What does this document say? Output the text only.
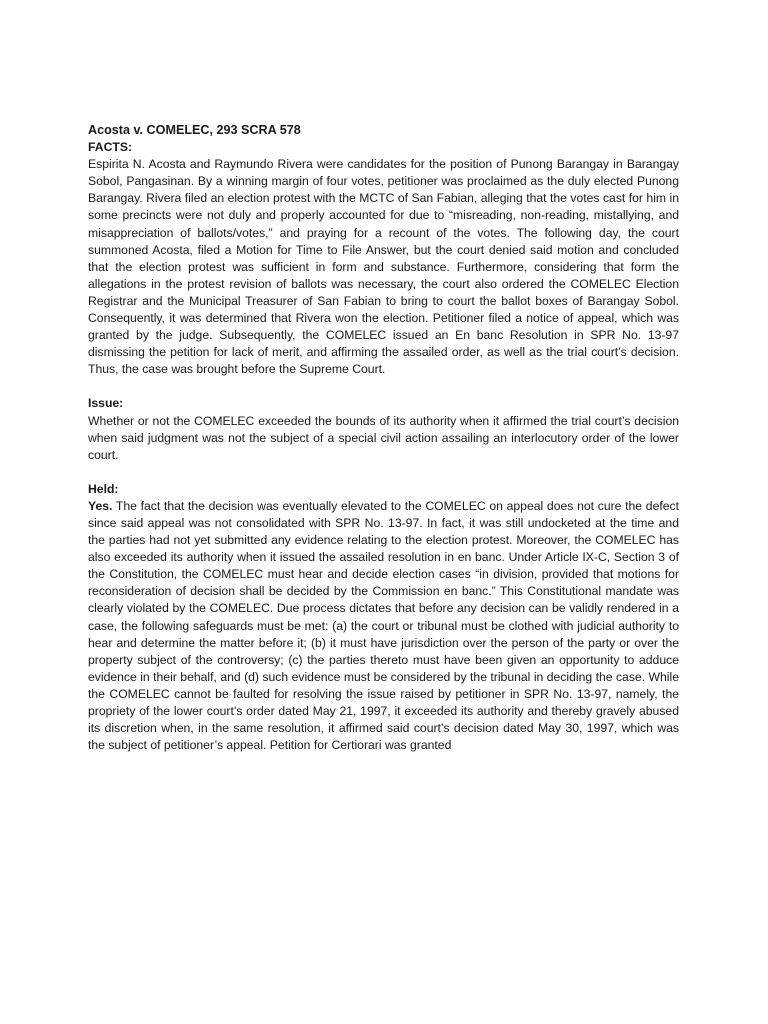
Acosta v. COMELEC, 293 SCRA 578

FACTS:

Espirita N. Acosta and Raymundo Rivera were candidates for the position of Punong Barangay in Barangay Sobol, Pangasinan. By a winning margin of four votes, petitioner was proclaimed as the duly elected Punong Barangay. Rivera filed an election protest with the MCTC of San Fabian, alleging that the votes cast for him in some precincts were not duly and properly accounted for due to “misreading, non-reading, mistallying, and misappreciation of ballots/votes,” and praying for a recount of the votes. The following day, the court summoned Acosta, filed a Motion for Time to File Answer, but the court denied said motion and concluded that the election protest was sufficient in form and substance. Furthermore, considering that form the allegations in the protest revision of ballots was necessary, the court also ordered the COMELEC Election Registrar and the Municipal Treasurer of San Fabian to bring to court the ballot boxes of Barangay Sobol. Consequently, it was determined that Rivera won the election. Petitioner filed a notice of appeal, which was granted by the judge. Subsequently, the COMELEC issued an En banc Resolution in SPR No. 13-97 dismissing the petition for lack of merit, and affirming the assailed order, as well as the trial court’s decision. Thus, the case was brought before the Supreme Court.

Issue:

Whether or not the COMELEC exceeded the bounds of its authority when it affirmed the trial court’s decision when said judgment was not the subject of a special civil action assailing an interlocutory order of the lower court.

Held:

Yes. The fact that the decision was eventually elevated to the COMELEC on appeal does not cure the defect since said appeal was not consolidated with SPR No. 13-97. In fact, it was still undocketed at the time and the parties had not yet submitted any evidence relating to the election protest. Moreover, the COMELEC has also exceeded its authority when it issued the assailed resolution in en banc. Under Article IX-C, Section 3 of the Constitution, the COMELEC must hear and decide election cases “in division, provided that motions for reconsideration of decision shall be decided by the Commission en banc.” This Constitutional mandate was clearly violated by the COMELEC. Due process dictates that before any decision can be validly rendered in a case, the following safeguards must be met: (a) the court or tribunal must be clothed with judicial authority to hear and determine the matter before it; (b) it must have jurisdiction over the person of the party or over the property subject of the controversy; (c) the parties thereto must have been given an opportunity to adduce evidence in their behalf, and (d) such evidence must be considered by the tribunal in deciding the case. While the COMELEC cannot be faulted for resolving the issue raised by petitioner in SPR No. 13-97, namely, the propriety of the lower court’s order dated May 21, 1997, it exceeded its authority and thereby gravely abused its discretion when, in the same resolution, it affirmed said court’s decision dated May 30, 1997, which was the subject of petitioner’s appeal. Petition for Certiorari was granted
